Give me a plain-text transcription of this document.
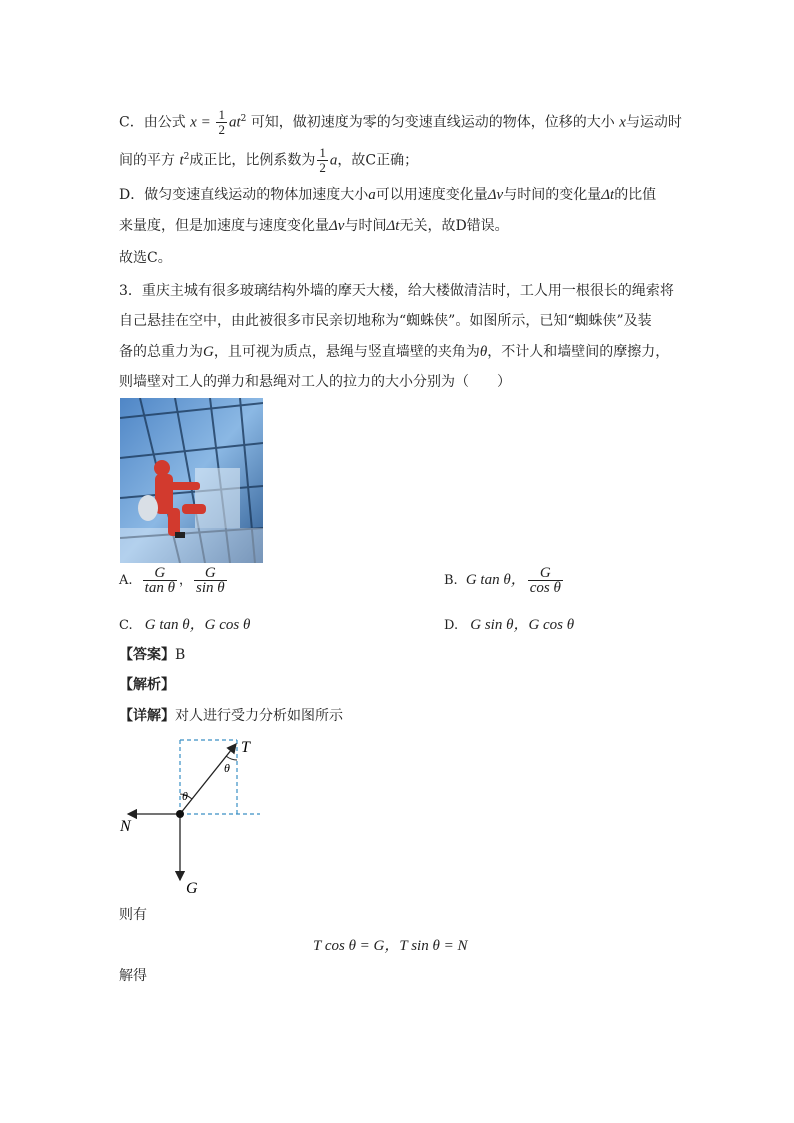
C．由公式 $x = \frac{1}{2} at^2$ 可知，做初速度为零的匀变速直线运动的物体，位移的大小 x与运动时
间的平方 $t^2$成正比，比例系数为 $\frac{1}{2}$ a，故C正确；
D．做匀变速直线运动的物体加速度大小a可以用速度变化量Δv与时间的变化量Δt的比值
来量度，但是加速度与速度变化量Δv与时间Δt无关，故D错误。
故选C。
3．重庆主城有很多玻璃结构外墙的摩天大楼，给大楼做清洁时，工人用一根很长的绳索将
自己悬挂在空中，由此被很多市民亲切地称为“蜘蛛侠”。如图所示，已知“蜘蛛侠”及装
备的总重力为G，且可视为质点，悬绳与竖直墙壁的夹角为θ，不计人和墙壁间的摩擦力，
则墙壁对工人的弹力和悬绳对工人的拉力的大小分别为（　　）
A. $\frac{G}{\text{tan θ}}$ ， $\frac{G}{\text{sin θ}}$	B. G tan θ， $\frac{G}{\text{cos θ}}$
C. G tan θ，G cos θ	D. G sin θ，G cos θ
【答案】B
【解析】
【详解】对人进行受力分析如图所示
T
θ
θ
N
G
则有
T cos θ = G，T sin θ = N
解得
